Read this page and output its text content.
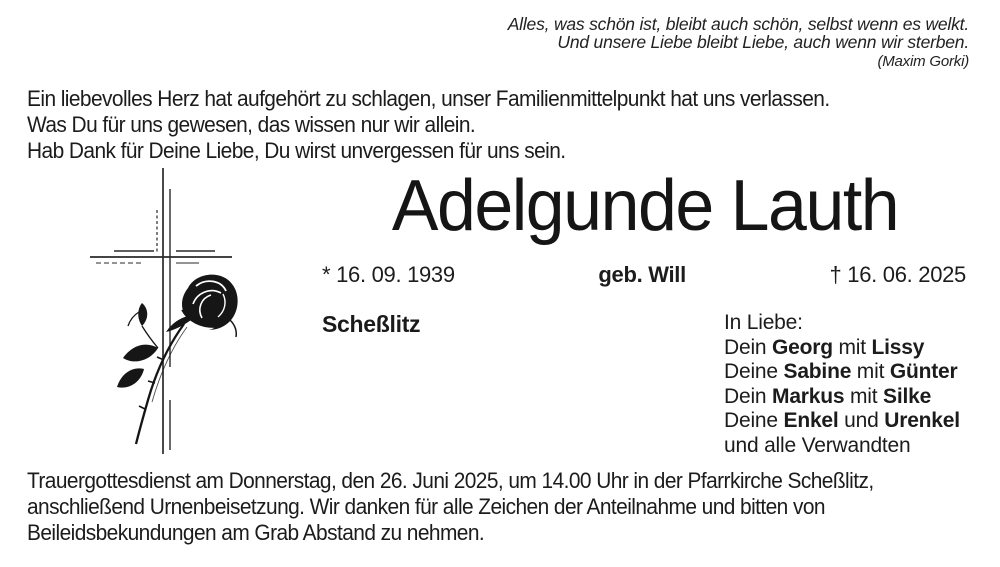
Alles, was schön ist, bleibt auch schön, selbst wenn es welkt.
Und unsere Liebe bleibt Liebe, auch wenn wir sterben.
(Maxim Gorki)
Ein liebevolles Herz hat aufgehört zu schlagen, unser Familienmittelpunkt hat uns verlassen.
Was Du für uns gewesen, das wissen nur wir allein.
Hab Dank für Deine Liebe, Du wirst unvergessen für uns sein.
Adelgunde Lauth
* 16. 09. 1939	geb. Will	† 16. 06. 2025
Scheßlitz	In Liebe:
Dein Georg mit Lissy
Deine Sabine mit Günter
Dein Markus mit Silke
Deine Enkel und Urenkel
und alle Verwandten
Trauergottesdienst am Donnerstag, den 26. Juni 2025, um 14.00 Uhr in der Pfarrkirche Scheßlitz,
anschließend Urnenbeisetzung. Wir danken für alle Zeichen der Anteilnahme und bitten von
Beileidsbekundungen am Grab Abstand zu nehmen.
